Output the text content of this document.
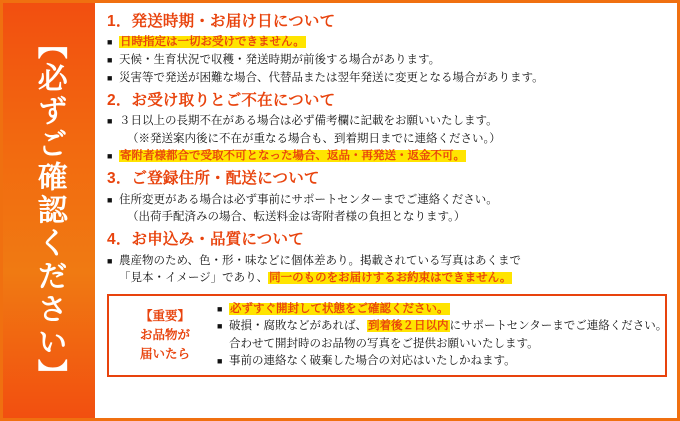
【必ずご確認ください】
1．発送時期・お届け日について
■ 日時指定は一切お受けできません。
■ 天候・生育状況で収穫・発送時期が前後する場合があります。
■ 災害等で発送が困難な場合、代替品または翌年発送に変更となる場合があります。
2．お受け取りとご不在について
■ ３日以上の長期不在がある場合は必ず備考欄に記載をお願いいたします。
（※発送案内後に不在が重なる場合も、到着期日までに連絡ください。）
■ 寄附者様都合で受取不可となった場合、返品・再発送・返金不可。
3．ご登録住所・配送について
■ 住所変更がある場合は必ず事前にサポートセンターまでご連絡ください。
（出荷手配済みの場合、転送料金は寄附者様の負担となります。）
4．お申込み・品質について
■ 農産物のため、色・形・味などに個体差あり。掲載されている写真はあくまで
「見本・イメージ」であり、同一のものをお届けするお約束はできません。
【重要】
お品物が
届いたら
■ 必ずすぐ開封して状態をご確認ください。
■ 破損・腐敗などがあれば、到着後２日以内にサポートセンターまでご連絡ください。
合わせて開封時のお品物の写真をご提供お願いいたします。
■ 事前の連絡なく破棄した場合の対応はいたしかねます。
